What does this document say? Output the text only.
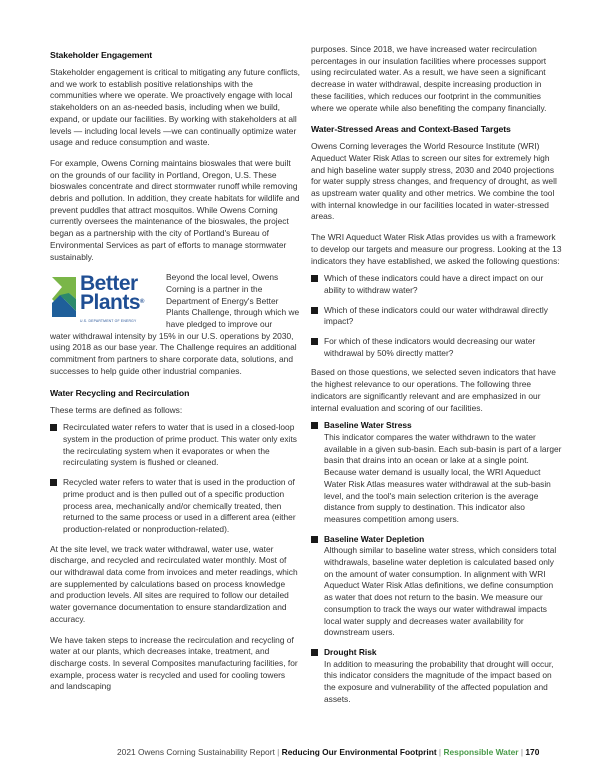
Stakeholder Engagement

Stakeholder engagement is critical to mitigating any future conflicts, and we work to establish positive relationships with the communities where we operate. We proactively engage with local stakeholders on an as-needed basis, including when we build, expand, or update our facilities. By working with stakeholders at all levels — including local levels —we can continually optimize water usage and reduce consumption and waste.

For example, Owens Corning maintains bioswales that were built on the grounds of our facility in Portland, Oregon, U.S. These bioswales concentrate and direct stormwater runoff while removing debris and pollution. In addition, they create habitats for wildlife and prevent puddles that attract mosquitos. While Owens Corning currently oversees the maintenance of the bioswales, the project began as a partnership with the city of Portland's Bureau of Environmental Services as part of efforts to manage stormwater sustainably.

Better
Plants®
U.S. DEPARTMENT OF ENERGY
Beyond the local level, Owens Corning is a partner in the Department of Energy's Better Plants Challenge, through which we have pledged to improve our

water withdrawal intensity by 15% in our U.S. operations by 2030, using 2018 as our base year. The Challenge requires an additional commitment from partners to share corporate data, solutions, and successes to help guide other industrial companies.

Water Recycling and Recirculation

These terms are defined as follows:

Recirculated water refers to water that is used in a closed-loop system in the production of prime product. This water only exits the recirculating system when it evaporates or when the recirculating system is flushed or cleaned.
Recycled water refers to water that is used in the production of prime product and is then pulled out of a specific production process area, mechanically and/or chemically treated, then returned to the same process or used in a different area (either production-related or nonproduction-related).

At the site level, we track water withdrawal, water use, water discharge, and recycled and recirculated water monthly. Most of our withdrawal data come from invoices and meter readings, which are supplemented by calculations based on process knowledge and production levels. All sites are required to follow our detailed water governance documentation to ensure standardization and accuracy.

We have taken steps to increase the recirculation and recycling of water at our plants, which decreases intake, treatment, and discharge costs. In several Composites manufacturing facilities, for example, process water is recycled and used for cooling towers and landscaping

purposes. Since 2018, we have increased water recirculation percentages in our insulation facilities where processes support using recirculated water. As a result, we have seen a significant decrease in water withdrawal, despite increasing production in these facilities, which reduces our footprint in the communities where we operate while also benefiting the company financially.

Water-Stressed Areas and Context-Based Targets

Owens Corning leverages the World Resource Institute (WRI) Aqueduct Water Risk Atlas to screen our sites for extremely high and high baseline water supply stress, 2030 and 2040 projections for water supply stress changes, and frequency of drought, as well as upstream water quality and other metrics. We combine the tool with internal knowledge in our facilities located in water-stressed areas.

The WRI Aqueduct Water Risk Atlas provides us with a framework to develop our targets and measure our progress. Looking at the 13 indicators they have established, we asked the following questions:

Which of these indicators could have a direct impact on our ability to withdraw water?
Which of these indicators could our water withdrawal directly impact?
For which of these indicators would decreasing our water withdrawal by 50% directly matter?

Based on those questions, we selected seven indicators that have the highest relevance to our operations. The following three indicators are significantly relevant and are emphasized in our internal evaluation and scoring of our facilities.

Baseline Water Stress
This indicator compares the water withdrawn to the water available in a given sub-basin. Each sub-basin is part of a larger basin that drains into an ocean or lake at a single point. Because water demand is usually local, the WRI Aqueduct Water Risk Atlas measures water withdrawal at the sub-basin level, and the tool's main selection criterion is the average distance from supply to destination. This indicator also measures competition among users.
Baseline Water Depletion
Although similar to baseline water stress, which considers total withdrawals, baseline water depletion is calculated based only on the amount of water consumption. In alignment with WRI Aqueduct Water Risk Atlas definitions, we define consumption as water that does not return to the basin. We measure our consumption to track the ways our water withdrawal impacts local water supply and decreases water availability for downstream users.
Drought Risk
In addition to measuring the probability that drought will occur, this indicator considers the magnitude of the impact based on the exposure and vulnerability of the affected population and assets.
2021 Owens Corning Sustainability Report | Reducing Our Environmental Footprint | Responsible Water | 170
